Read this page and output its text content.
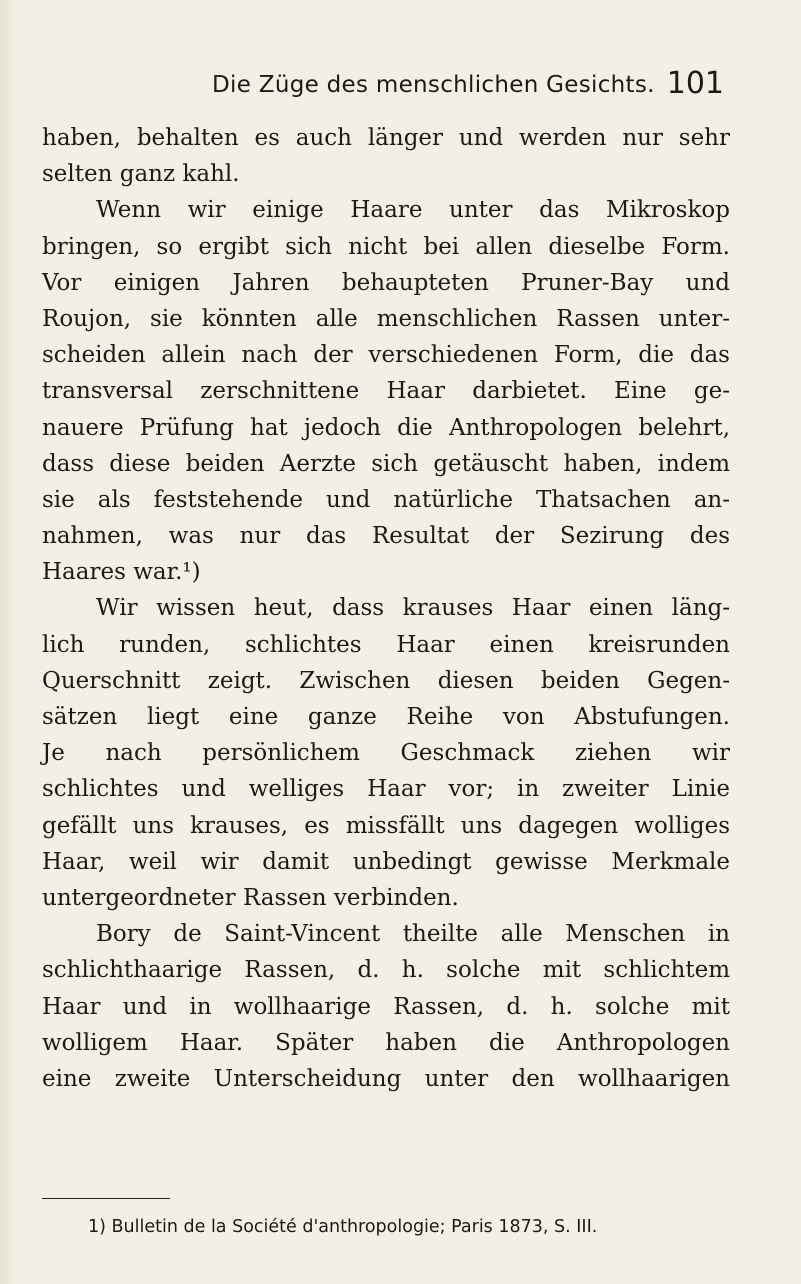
Die Züge des menschlichen Gesichts. 101
haben, behalten es auch länger und werden nur sehr
selten ganz kahl.
Wenn wir einige Haare unter das Mikroskop
bringen, so ergibt sich nicht bei allen dieselbe Form.
Vor einigen Jahren behaupteten Pruner-Bay und
Roujon, sie könnten alle menschlichen Rassen unter-
scheiden allein nach der verschiedenen Form, die das
transversal zerschnittene Haar darbietet. Eine ge-
nauere Prüfung hat jedoch die Anthropologen belehrt,
dass diese beiden Aerzte sich getäuscht haben, indem
sie als feststehende und natürliche Thatsachen an-
nahmen, was nur das Resultat der Sezirung des
Haares war.¹)
Wir wissen heut, dass krauses Haar einen läng-
lich runden, schlichtes Haar einen kreisrunden
Querschnitt zeigt. Zwischen diesen beiden Gegen-
sätzen liegt eine ganze Reihe von Abstufungen.
Je nach persönlichem Geschmack ziehen wir
schlichtes und welliges Haar vor; in zweiter Linie
gefällt uns krauses, es missfällt uns dagegen wolliges
Haar, weil wir damit unbedingt gewisse Merkmale
untergeordneter Rassen verbinden.
Bory de Saint-Vincent theilte alle Menschen in
schlichthaarige Rassen, d. h. solche mit schlichtem
Haar und in wollhaarige Rassen, d. h. solche mit
wolligem Haar. Später haben die Anthropologen
eine zweite Unterscheidung unter den wollhaarigen
1) Bulletin de la Société d'anthropologie; Paris 1873, S. III.
